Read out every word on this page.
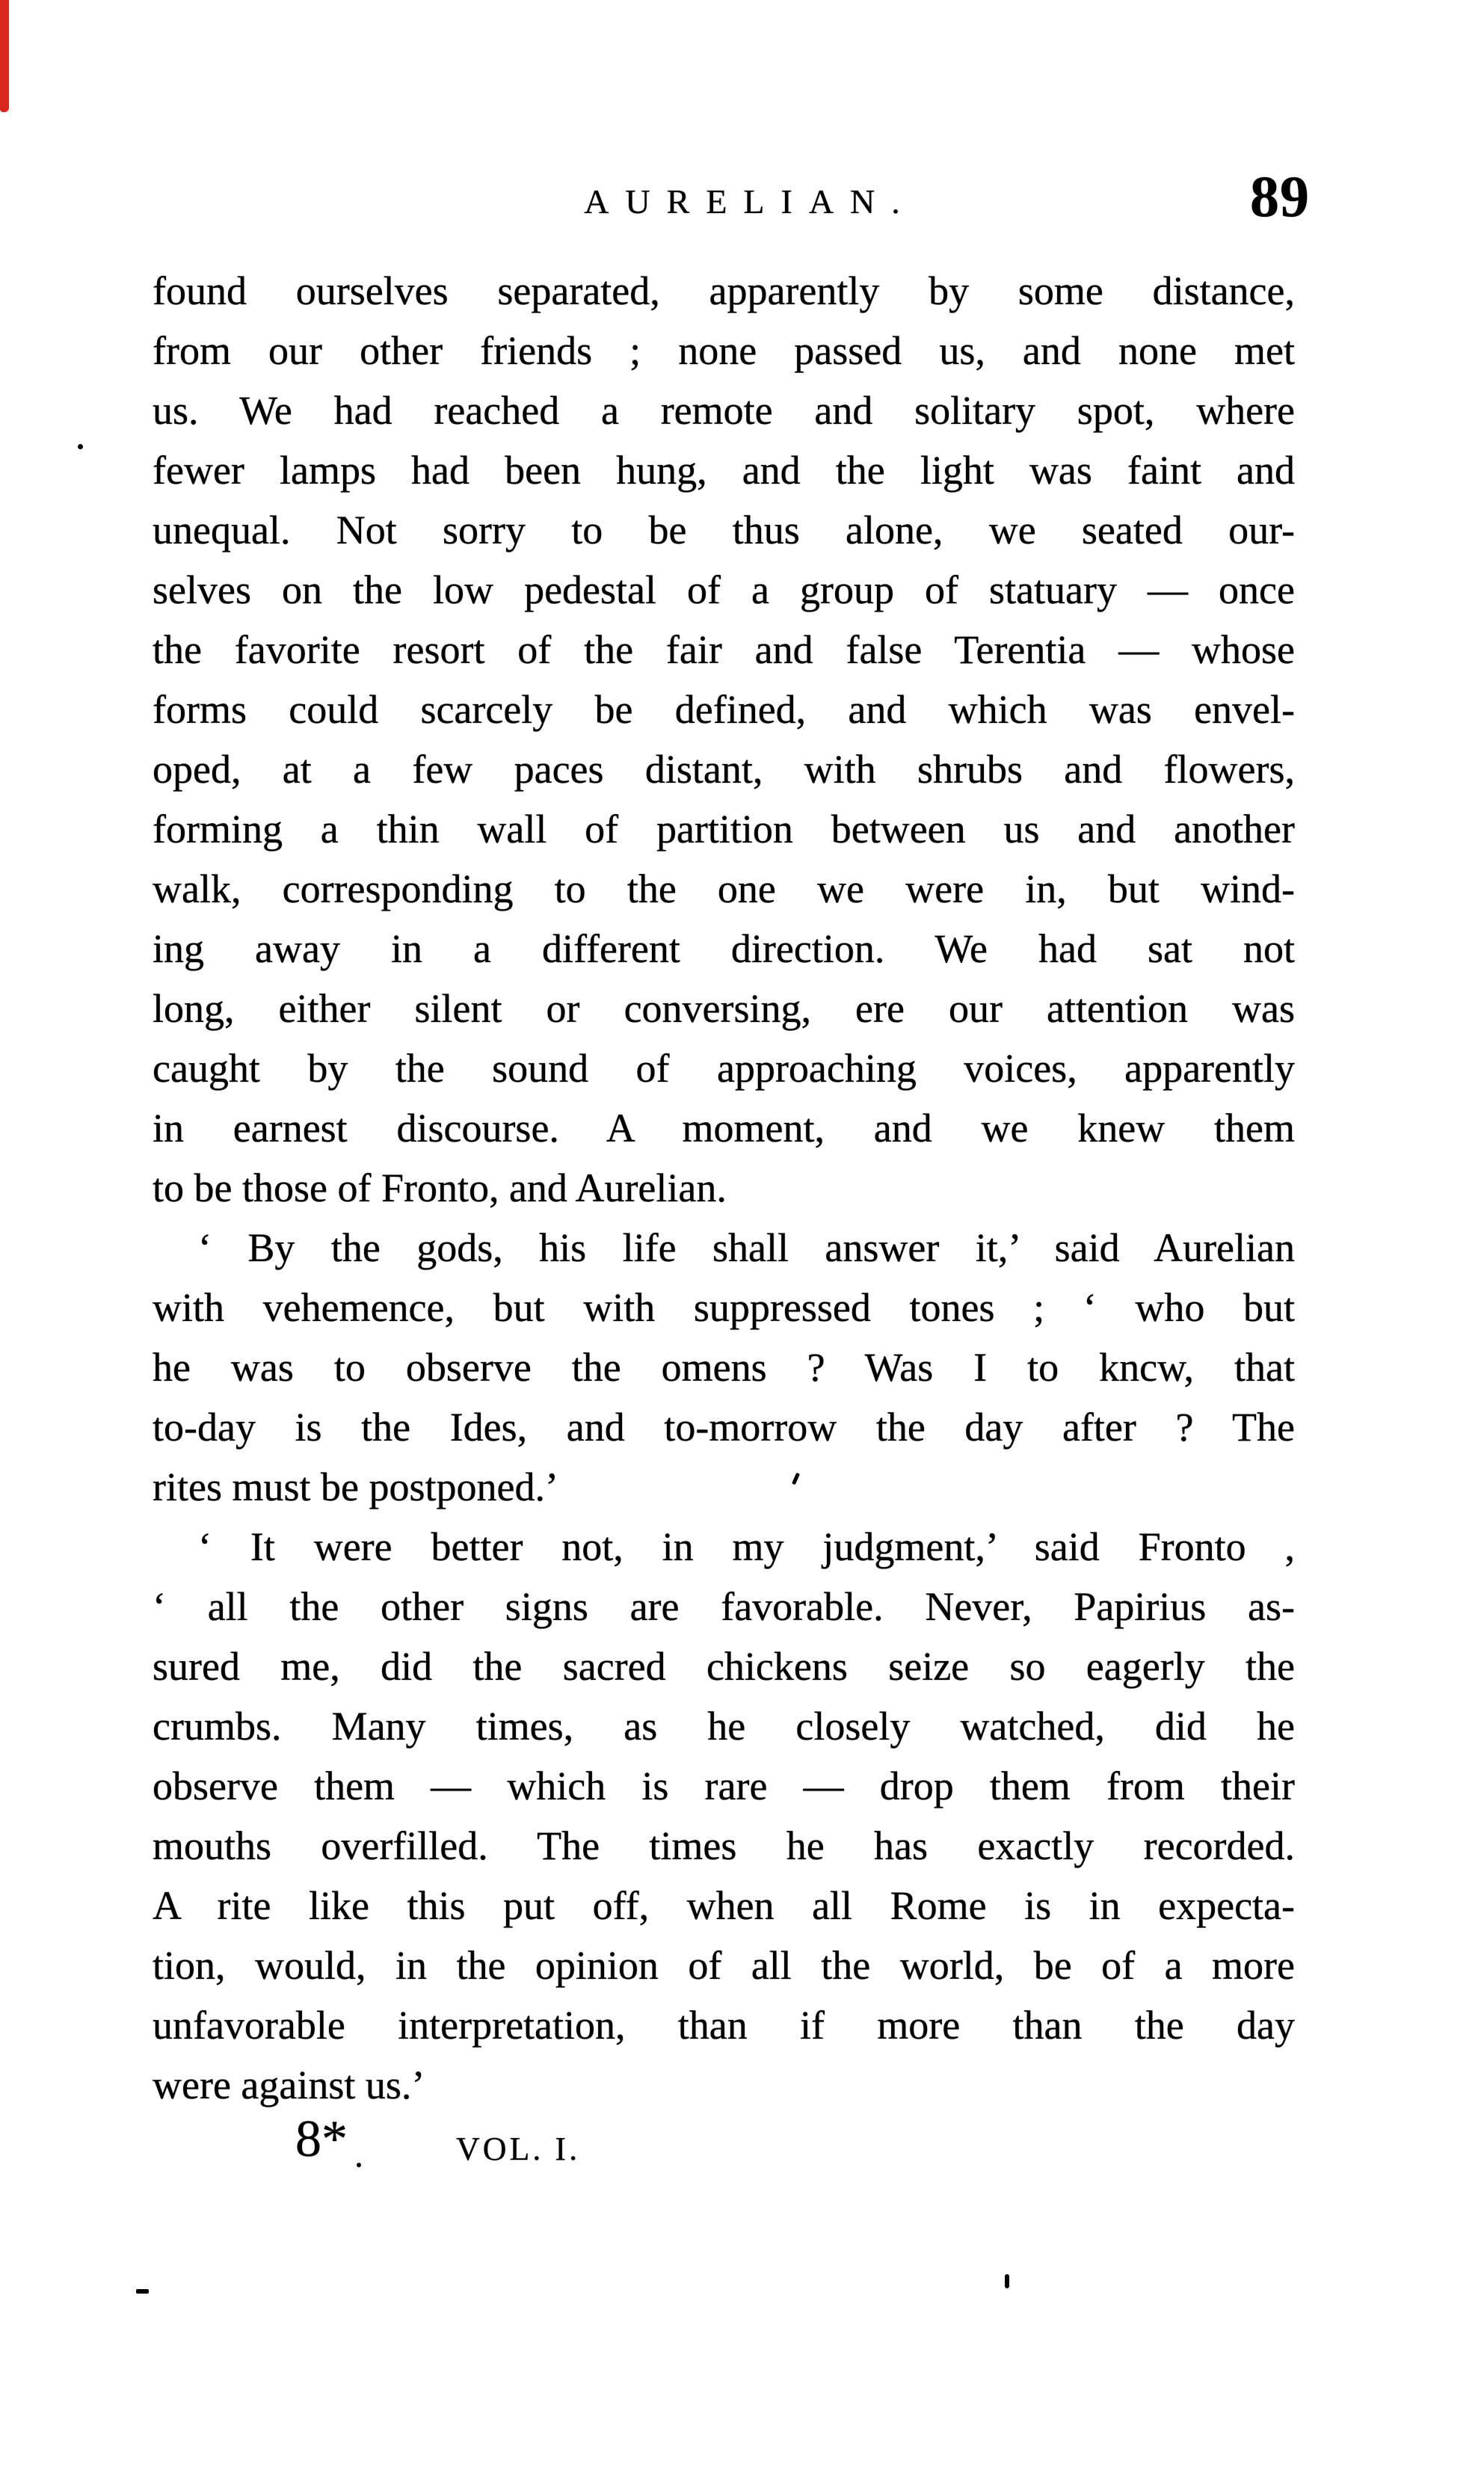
AURELIAN.	89
found ourselves separated, apparently by some distance,
from our other friends ; none passed us, and none met
us. We had reached a remote and solitary spot, where
fewer lamps had been hung, and the light was faint and
unequal. Not sorry to be thus alone, we seated our-
selves on the low pedestal of a group of statuary — once
the favorite resort of the fair and false Terentia — whose
forms could scarcely be defined, and which was envel-
oped, at a few paces distant, with shrubs and flowers,
forming a thin wall of partition between us and another
walk, corresponding to the one we were in, but wind-
ing away in a different direction. We had sat not
long, either silent or conversing, ere our attention was
caught by the sound of approaching voices, apparently
in earnest discourse. A moment, and we knew them
to be those of Fronto, and Aurelian.
‘ By the gods, his life shall answer it,’ said Aurelian
with vehemence, but with suppressed tones ; ‘ who but
he was to observe the omens ? Was I to kncw, that
to-day is the Ides, and to-morrow the day after ? The
rites must be postponed.’
‘ It were better not, in my judgment,’ said Fronto ,
‘ all the other signs are favorable. Never, Papirius as-
sured me, did the sacred chickens seize so eagerly the
crumbs. Many times, as he closely watched, did he
observe them — which is rare — drop them from their
mouths overfilled. The times he has exactly recorded.
A rite like this put off, when all Rome is in expecta-
tion, would, in the opinion of all the world, be of a more
unfavorable interpretation, than if more than the day
were against us.’
8*	VOL. I.
